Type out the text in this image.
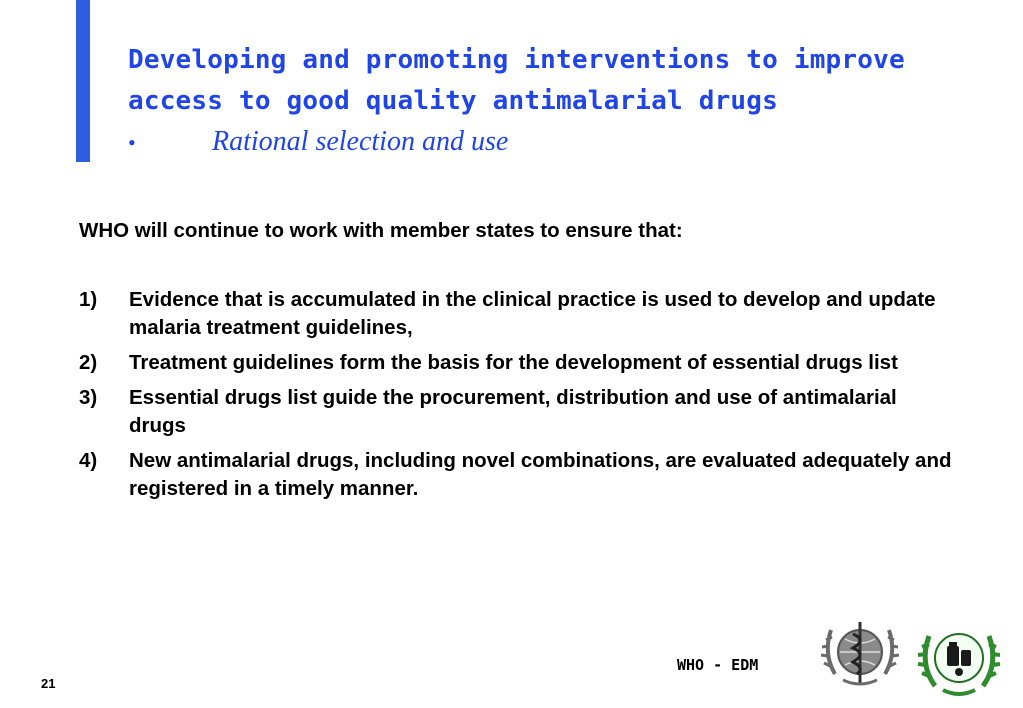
Developing and promoting interventions to improve access to good quality antimalarial drugs
•	Rational selection and use
WHO will continue to work with member states to ensure that:
1)	Evidence that is accumulated in the clinical practice is used to develop and update malaria treatment guidelines,
2)	Treatment guidelines form the basis for the development of essential drugs list
3)	Essential drugs list guide the procurement, distribution and use of antimalarial drugs
4)	New antimalarial drugs, including novel combinations, are evaluated adequately and registered in a timely manner.
WHO - EDM
21
